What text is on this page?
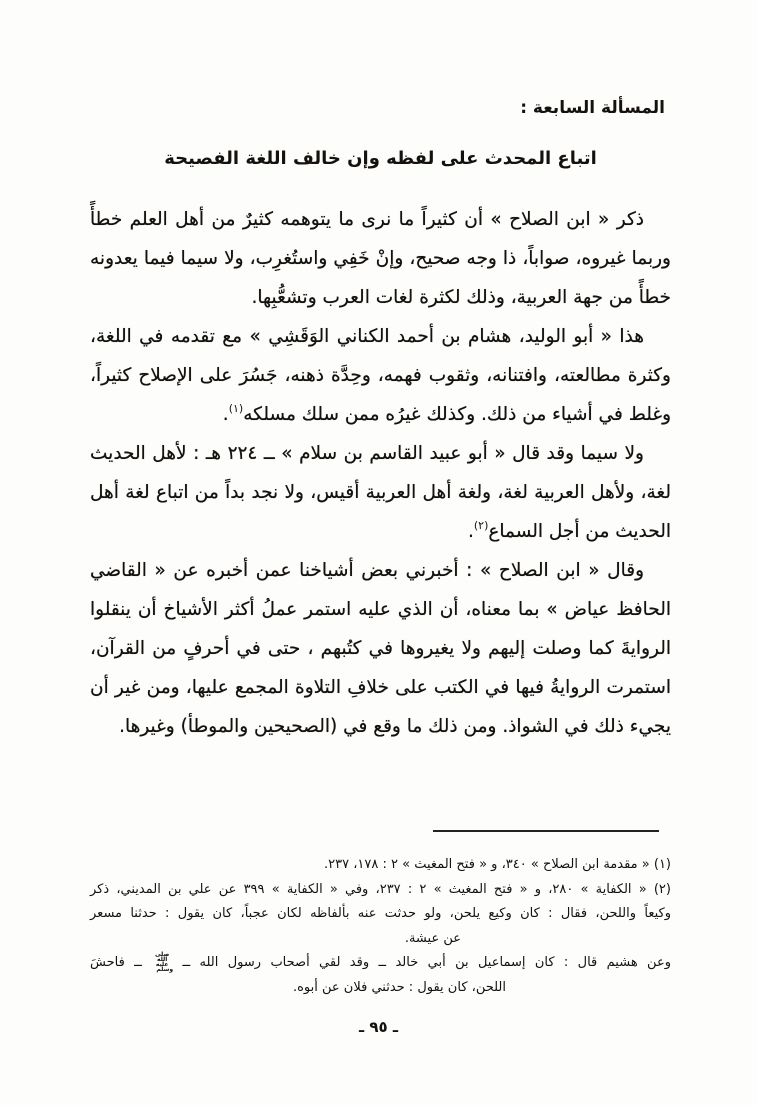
المسألة السابعة :
اتباع المحدث على لفظه وإن خالف اللغة الفصيحة

ذكر « ابن الصلاح » أن كثيراً ما نرى ما يتوهمه كثيرٌ من أهل العلم خطأً وربما غيروه، صواباً، ذا وجه صحيح، وإنْ خَفِي واستُغرِب، ولا سيما فيما يعدونه خطأً من جهة العربية، وذلك لكثرة لغات العرب وتشعُّبِها.

هذا « أبو الوليد، هشام بن أحمد الكناني الوَقَشِي » مع تقدمه في اللغة، وكثرة مطالعته، وافتنانه، وثقوب فهمه، وحِدَّة ذهنه، جَسُرَ على الإصلاح كثيراً، وغلط في أشياء من ذلك. وكذلك غيرُه ممن سلك مسلكه$^{(١)}$.

ولا سيما وقد قال « أبو عبيد القاسم بن سلام » ــ ٢٢٤ هـ : لأهل الحديث لغة، ولأهل العربية لغة، ولغة أهل العربية أقيس، ولا نجد بداً من اتباع لغة أهل الحديث من أجل السماع$^{(٢)}$.

وقال « ابن الصلاح » : أخبرني بعض أشياخنا عمن أخبره عن « القاضي الحافظ عياض » بما معناه، أن الذي عليه استمر عملُ أكثر الأشياخ أن ينقلوا الروايةَ كما وصلت إليهم ولا يغيروها في كتُبهم ، حتى في أحرفٍ من القرآن، استمرت الروايةُ فيها في الكتب على خلافِ التلاوة المجمع عليها، ومن غير أن يجيء ذلك في الشواذ. ومن ذلك ما وقع في (الصحيحين والموطأ) وغيرها.

(١) « مقدمة ابن الصلاح » ٣٤٠، و « فتح المغيث » ٢ : ١٧٨، ٢٣٧.

(٢) « الكفاية » ٢٨٠، و « فتح المغيث » ٢ : ٢٣٧، وفي « الكفاية » ٣٩٩ عن علي بن المديني، ذكر

وكيعاً واللحن، فقال : كان وكيع يلحن، ولو حدثت عنه بألفاظه لكان عجباً، كان يقول : حدثنا مسعر

عن عيشة.

وعن هشيم قال : كان إسماعيل بن أبي خالد ــ وقد لقي أصحاب رسول الله ــ صلى الله عليه وسلم ــ فاحشَ

اللحن، كان يقول : حدثني فلان عن أبوه.

ـ ٩٥ ـ
